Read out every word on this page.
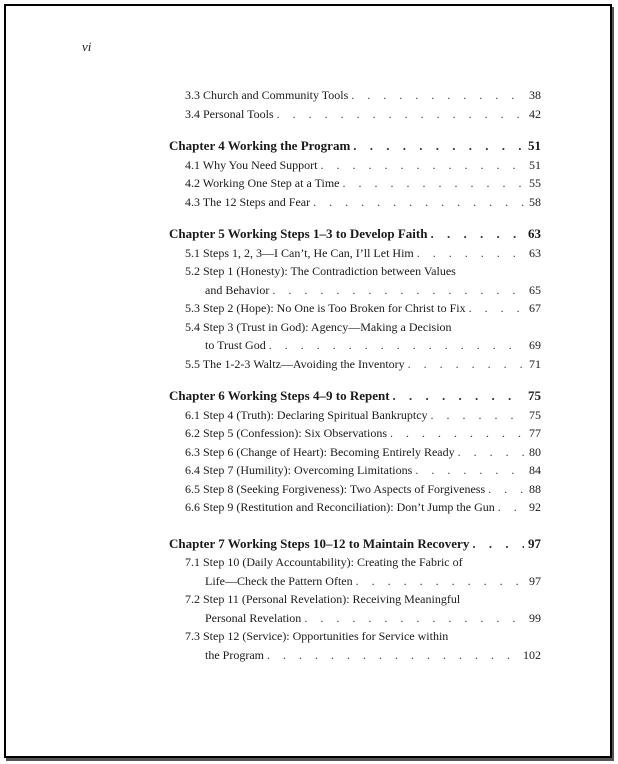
vi
3.3 Church and Community Tools . . .	38
3.4 Personal Tools . . .	42
Chapter 4 Working the Program . . .	51
4.1 Why You Need Support . . .	51
4.2 Working One Step at a Time . . .	55
4.3 The 12 Steps and Fear . . .	58
Chapter 5 Working Steps 1–3 to Develop Faith . . .	63
5.1 Steps 1, 2, 3—I Can’t, He Can, I’ll Let Him . . .	63
5.2 Step 1 (Honesty): The Contradiction between Values
and Behavior . . .	65
5.3 Step 2 (Hope): No One is Too Broken for Christ to Fix . . .	67
5.4 Step 3 (Trust in God): Agency—Making a Decision
to Trust God . . .	69
5.5 The 1-2-3 Waltz—Avoiding the Inventory . . .	71
Chapter 6 Working Steps 4–9 to Repent . . .	75
6.1 Step 4 (Truth): Declaring Spiritual Bankruptcy . . .	75
6.2 Step 5 (Confession): Six Observations . . .	77
6.3 Step 6 (Change of Heart): Becoming Entirely Ready . . .	80
6.4 Step 7 (Humility): Overcoming Limitations . . .	84
6.5 Step 8 (Seeking Forgiveness): Two Aspects of Forgiveness . . .	88
6.6 Step 9 (Restitution and Reconciliation): Don’t Jump the Gun . . .	92
Chapter 7 Working Steps 10–12 to Maintain Recovery . . .	97
7.1 Step 10 (Daily Accountability): Creating the Fabric of
Life—Check the Pattern Often . . .	97
7.2 Step 11 (Personal Revelation): Receiving Meaningful
Personal Revelation . . .	99
7.3 Step 12 (Service): Opportunities for Service within
the Program . . .	102
